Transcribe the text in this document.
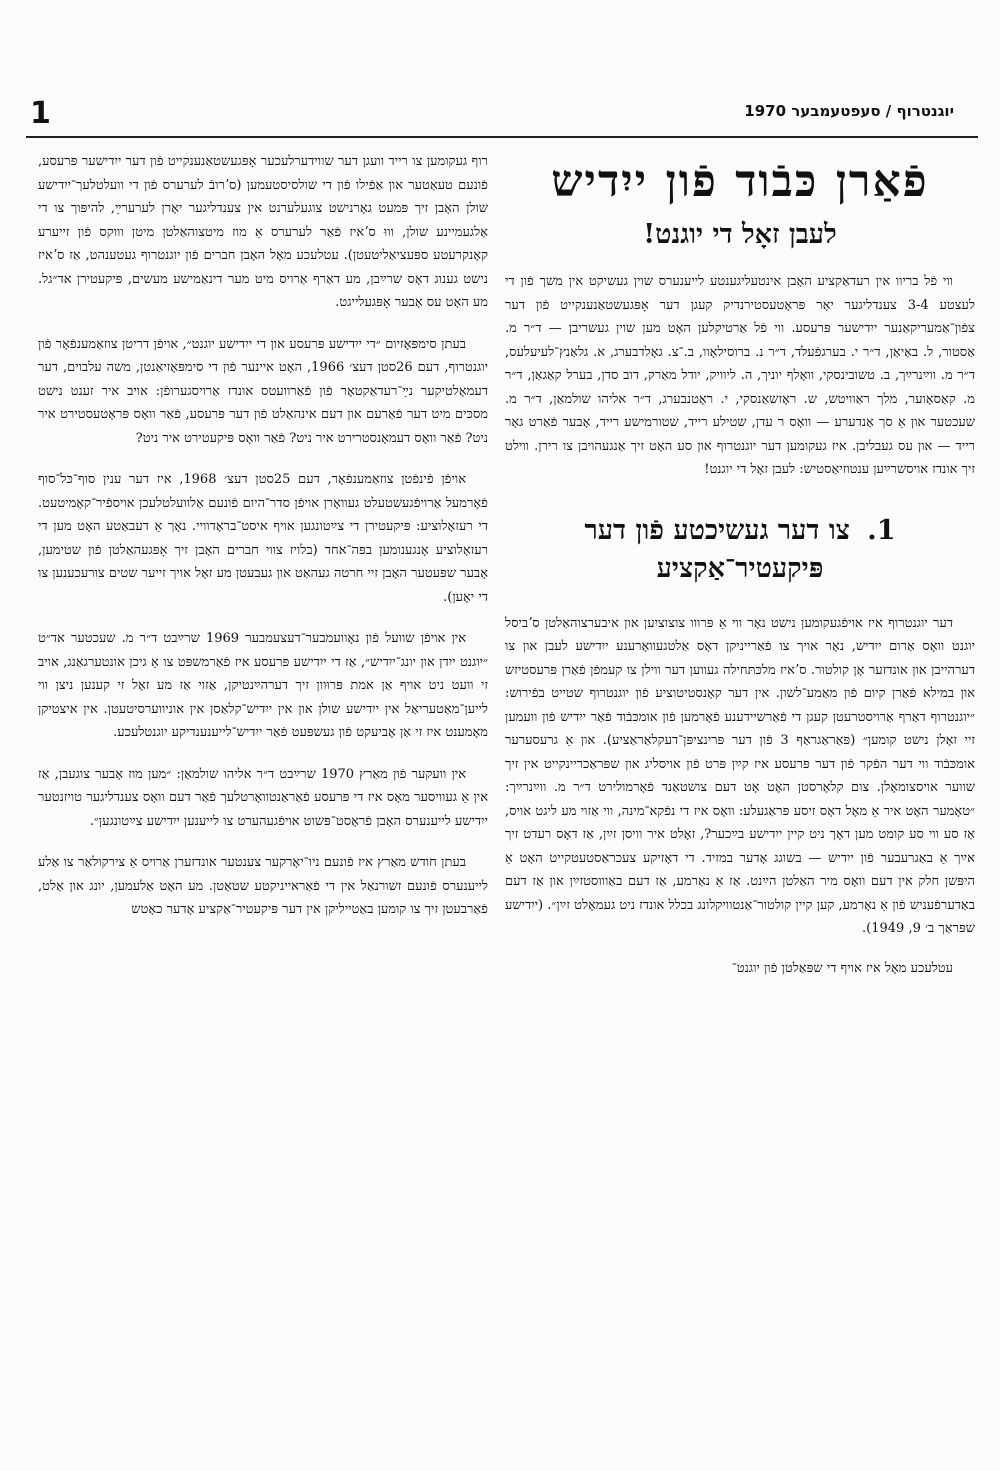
1	יוגנטרוף / סעפטעמבער 1970
פֿאַרן כּבֿוד פֿון ייִדיש
לעבן זאָל די יוגנט!

ווי פֿל בריוו אין רעדאַקציע האָבן אינטעליגענטע לייענערס שוין געשיקט אין משך פֿון די לעצטע 3-4 צענדליגער יאָר פּראָטעסטירנדיק קעגן דער אָפּגעשטאַנענקייט פֿון דער צפֿון־אַמעריקאַנער ייִדישער פּרעסע. ווי פֿל אַרטיקלען האָט מען שוין געשריבן — ד״ר מ. אַסטור, ל. באַיאַן, ד״ר י. בערגפֿעלד, ד״ר נ. ברוסילאָוו, ב.־צ. גאָלדבערג, א. גלאַנץ־לעיעלעס, ד״ר מ. ווײַנרײַך, ב. טשובינסקי, וואָלף יוניך, ה. ליוויק, יודל מאַרק, דוב סדן, בערל קאַגאַן, ד״ר מ. קאַסאָוער, מלך ראַוויטש, ש. ראָזשאַנסקי, י. ראָטנבערג, ד״ר אליהו שולמאַן, ד״ר מ. שעכטער און אַ סך אַנדערע — וואָס ר עדן, שטילע רייד, שטורמישע רייד, אָבער פֿאַרט גאָר רייד — און עס געבליבן. איז געקומען דער יוגנטרוף און סע האָט זיך אַנגעהויבן צו רירן. ווילט זיך אונדז אויסשרײַען ענטוזיאַסטיש: לעבן זאָל די יוגנט!

1. צו דער געשיכטע פֿון דער פּיקעטיר־אַקציע

דער יוגנטרוף איז אויפֿגעקומען נישט נאָר ווי אַ פּרווו צוצוציִען און איבערצוהאַלטן סʼביסל יוגנט וואָס אַרום ייִדיש, נאָר אויך צו פֿאַרייניקן דאָס אַלטגעוואָרענע ייִדישע לעבן און צו דערהייבן און אונדזער אָן קולטור. סʼאיז מלכּתּחילה געווען דער ווילן צו קעמפֿן פֿאַרן פּרעסטיזש און במילא פֿאַרן קיום פֿון מאַמע־לשון. אין דער קאָנסטיטוציע פֿון יוגנטרוף שטייט בפֿירוש: ״יוגנטרוף דאַרף אַרויסטרעטן קעגן די פֿאַרשיידענע פֿאָרמען פֿון אומכּבֿוד פֿאַר ייִדיש פֿון וועמען זיי זאָלן נישט קומען״ (פּאַראַגראַף 3 פֿון דער פּרינציפּן־דעקלאַראַציע). און אַ גרעסערער אומכּבֿוד ווי דער הפֿקר פֿון דער פּרעסע איז קײַן פּרט פֿון אויסליג און שפּראַכריינקייט אין זיך שווער אויסצומאָלן. צום קלאָרסטן האָט אָט דעם צושטאַנד פֿאָרמולירט ד״ר מ. ווײַנרײַך: ״טאָמער האָט איר אַ מאָל דאָס זיסע פּראַגעלע: וואָס איז די נפֿקא־מינה, ווי אַזוי מע ליגט אויס, אַז סע ווי סע קומט מען דאָך ניט קיין ייִדישע בײַכער?, זאָלט איר וויסן זײַן, אַז דאָס רעדט זיך אײַך אַ באַגרעבער פֿון ייִדיש — בשוגג אָדער במזיד. די דאָזיקע צעכראַסטעטקייט האָט אַ היפּשן חלק אין דעם וואָס מיר האַלטן הײַנט. אַז אַ נאַרמע, אַז דעם באַוווסטזײַן און אַז דעם באַדערפֿעניש פֿון אַ נאָרמע, קען קיין קולטור־אַנטוויקלונג בכלל אונדז ניט געמאָלט זײַן״. (ייִדישע שפּראַך ב׳ 9, 1949).

עטלעכע מאָל איז אויף די שפּאַלטן פֿון יוגנט־

רוף געקומען צו רייד וועגן דער שווידערלעכער אָפּגעשטאַנענקייט פֿון דער ייִדישער פּרעסע, פֿונעם טעאַטער און אַפֿילו פֿון די שולסיסטעמען (סʼרובֿ לערערס פֿון די וועלטלעך־ייִדישע שולן האָבן זיך פּמעט גאָרנישט צוגעלערנט אין צענדליגער יאָרן לערערײַ, להיפּוך צו די אַלגעמיינע שולן, וווּ סʼאיז פֿאַר לערערס אַ מוז מיטצוהאַלטן מיטן וווקס פֿון זייערע קאָנקרעטע ספּעציאַליטעטן). עטלעכע מאָל האָבן חברים פֿון יוגנטרוף געטענהט, אַז סʼאיז נישט גענוג דאָס שרײַבן, מע דאַרף אַרויס מיט מער דינאַמישע מעשים, פּיקעטירן אד״גל. מע האָט עס אָבער אָפּגעלייגט.

בעתן סימפּאָזיום ״די ייִדישע פּרעסע און די ייִדישע יוגנט״, אויפֿן דריטן צוזאַמענפֿאָר פֿון יוגנטרוף, דעם 26סטן דעצ׳ 1966, האָט איינער פֿון די סימפּאָזיאַנטן, משה עלבוים, דער דעמאָלטיקער נײַ־רעדאַקטאָר פֿון פֿאַרוועטס אונדז אַרויסגערופֿן: אויב איר זענט נישט מסכּים מיט דער פֿאַרעם און דעם אינהאַלט פֿון דער פּרעסע, פֿאַר וואָס פּראָטעסטירט איר ניט? פֿאַר וואָס דעמאָנסטרירט איר ניט? פֿאַר וואָס פּיקעטירט איר ניט?

אויפֿן פֿינפֿטן צוזאַמענפֿאָר, דעם 25סטן דעצ׳ 1968, איז דער ענין סוף־כּל־סוף פֿאָרמעל אַרויפֿגעשטעלט געוואָרן אויפֿן סדר־היום פֿונעם אַלוועלטלעכן אויספֿיר־קאָמיטעט. די רעזאָלוציע: פּיקעטירן די צײַטונגען אויף איסט־בראָדוויי. נאָך אַ דעבאַטע האָט מען די רעזאָלוציע אָנגענומען בפּה־אחד (בלויז צווי חברים האָבן זיך אָפּגעהאַלטן פֿון שטימען, אָבער שפּעטער האָבן זיי חרטה געהאַט און געבעטן מע זאָל אויך זייער שטים צורעכענען צו די יאָען).

אין אויפֿן שוועל פֿון נאָוועמבער־דעצעמבער 1969 שרײַבט ד״ר מ. שעכטער אד״ט ״יוגנט ייִדן און יונג־ייִדיש״, אַז די ייִדישע פּרעסע איז פֿאַרמשפּט צו אַ גיכן אונטערגאַנג, אויב זי וועט ניט אויף אַן אמת פּרוּוון זיך דערהײַנטיקן, אַזוי אַז מע זאָל זי קענען ניצן ווי לייען־מאַטעריאַל אין ייִדישע שולן און אין ייִדיש־קלאַסן אין אוניווערסיטעטן. אין איצטיקן מאָמענט איז זי אַן אָביעקט פֿון געשפּעט פֿאַר ייִדיש־לייענענדיקע יוגנטלעכע.

אין וועקער פֿון מאַרץ 1970 שרײַבט ד״ר אליהו שולמאַן: ״מען מוז אָבער צוגעבן, אַז אין אַ געוויסער מאָס איז די פּרעסע פֿאַראַנטוואָרטלעך פֿאַר דעם וואָס צענדליגער טויזנטער ייִדישע לייענערס האָבן פֿראָסט־פּשוט אויפֿגעהערט צו לייענען ייִדישע צײַטונגען״.

בעתן חודש מאַרץ איז פֿונעם ניו־יאָרקער צענטער אונדזערן אַרויס אַ צירקולאַר צו אַלע לייענערס פֿונעם זשורנאַל אין די פֿאַראייניקטע שטאַטן. מע האָט אַלעמען, יונג און אַלט, פֿאַרבעטן זיך צו קומען באַטייליקן אין דער פּיקעטיר־אַקציע אָדער כאָטש
